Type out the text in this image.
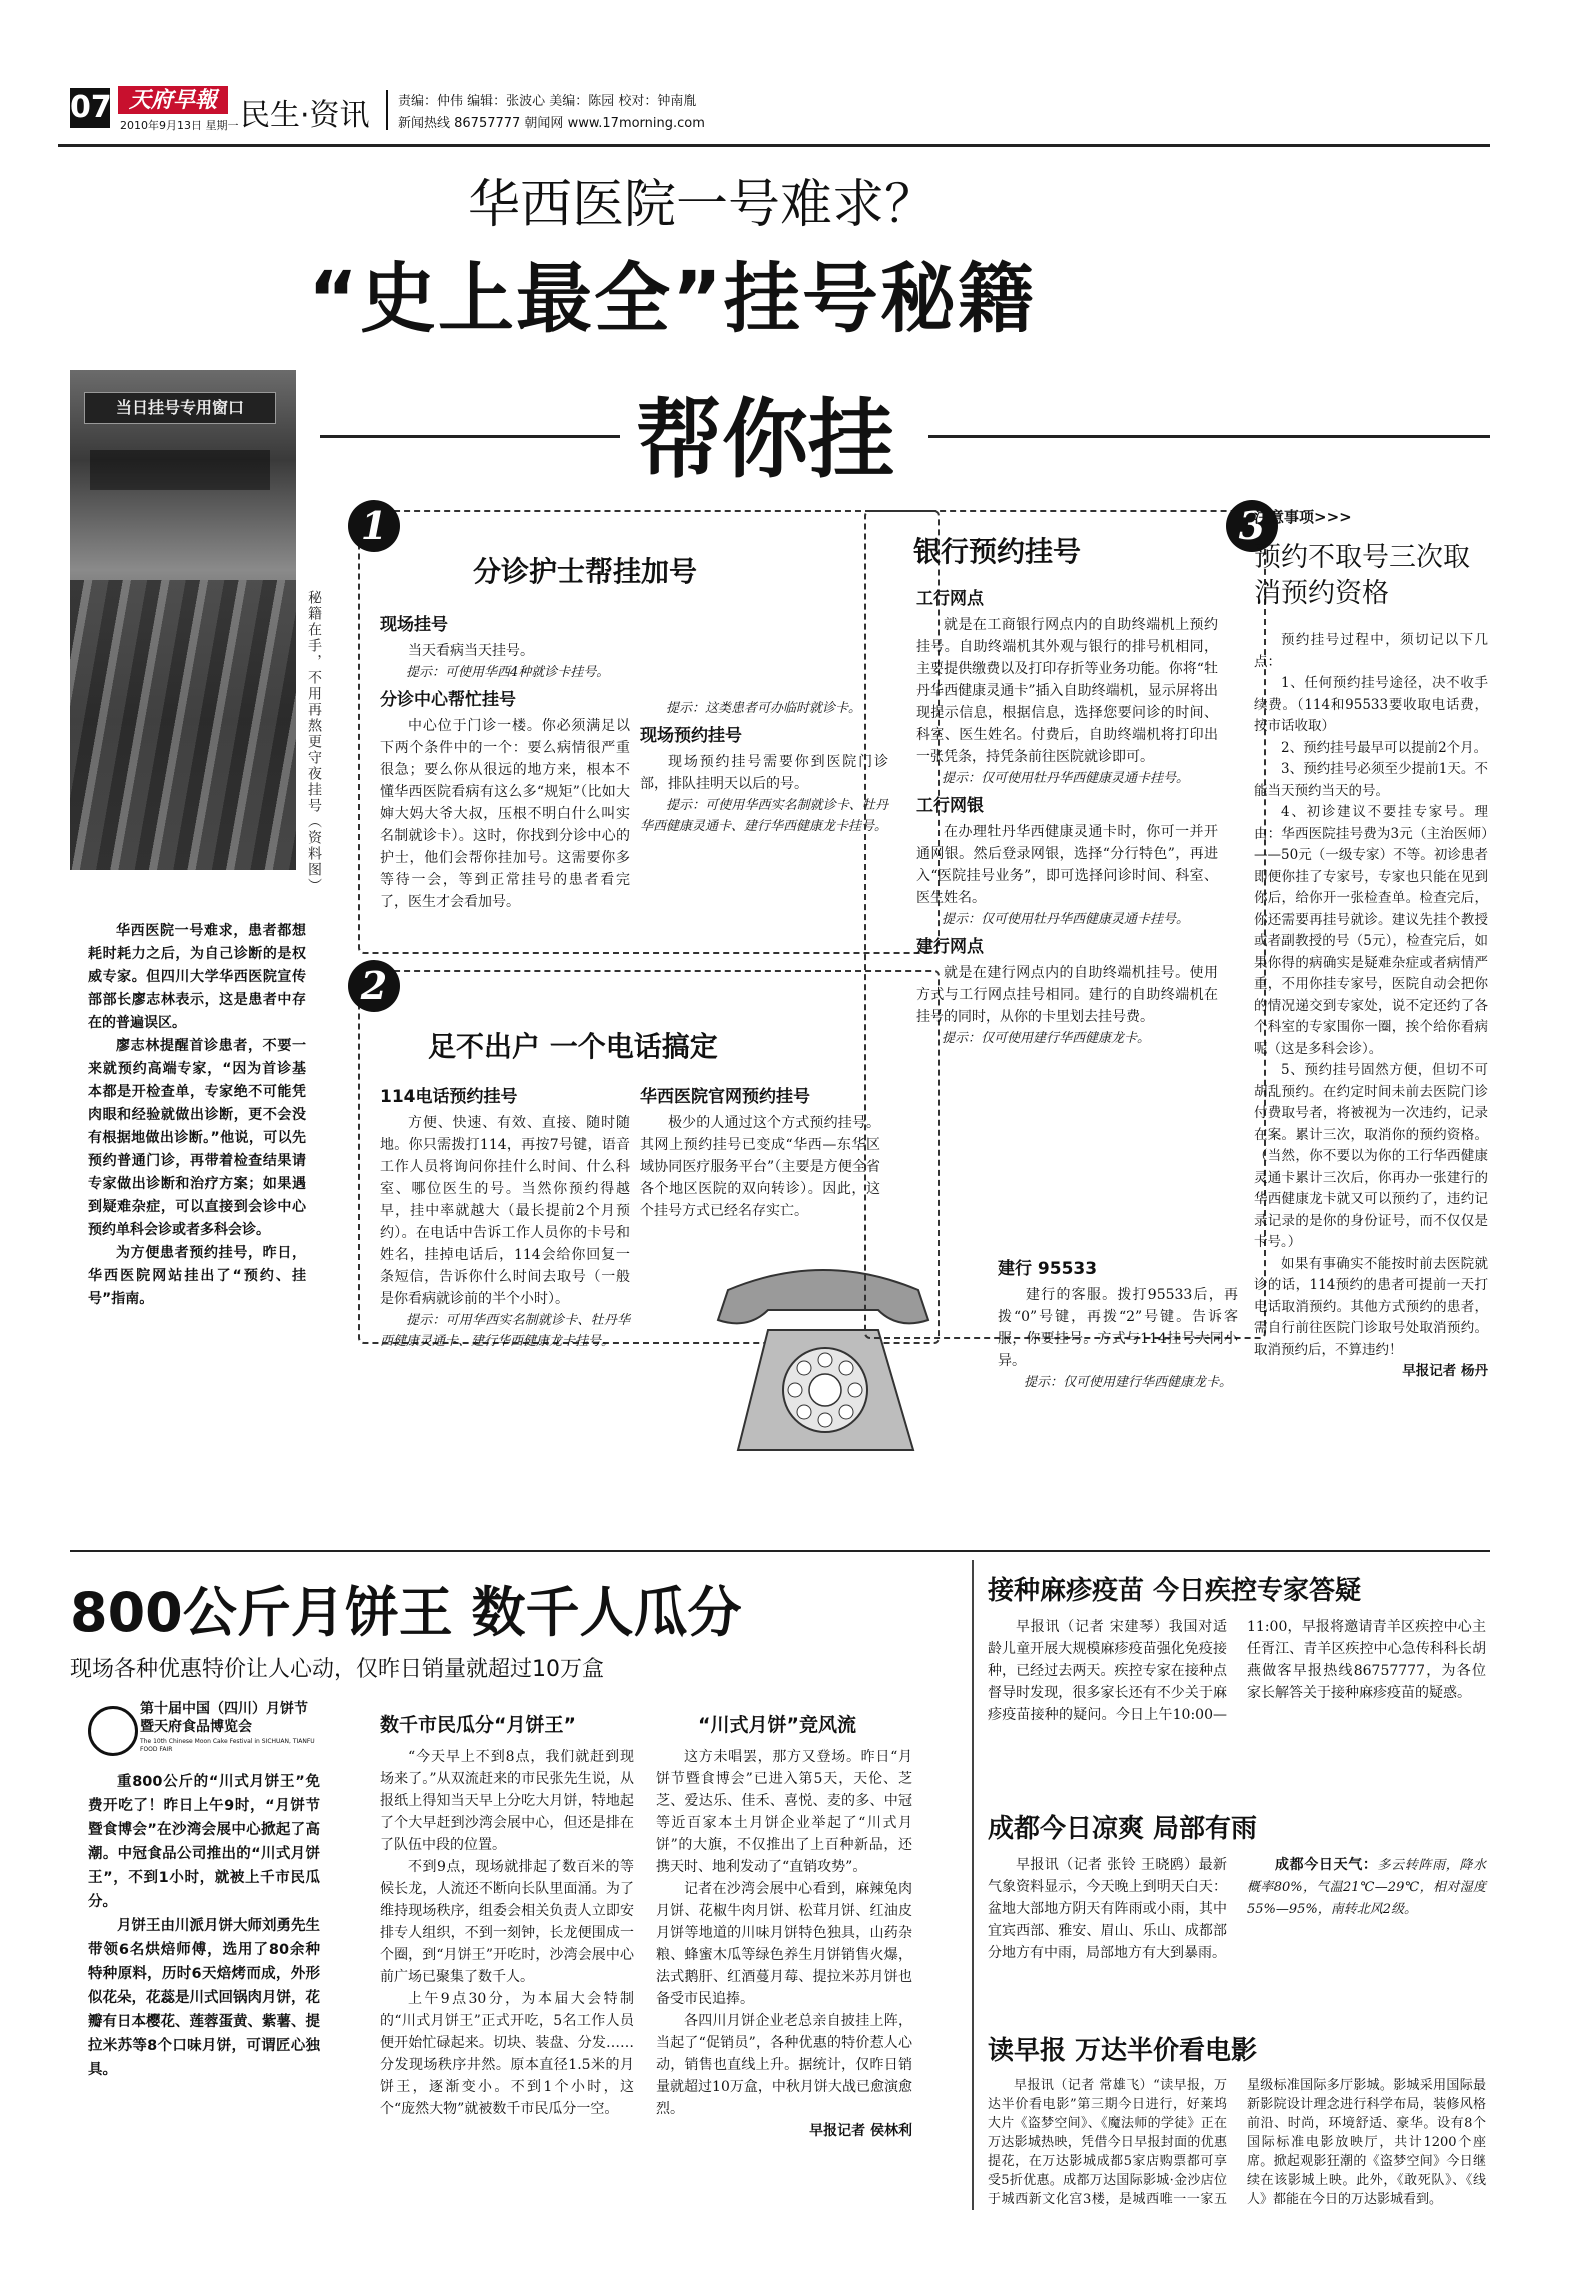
07 天府早報
2010年9月13日 星期一 民生·资讯 责编：仲伟 编辑：张波心 美编：陈园 校对：钟南胤
新闻热线 86757777 朝闻网 www.17morning.com
华西医院一号难求？
“史上最全”挂号秘籍
帮你挂
当日挂号专用窗口
秘籍在手，不用再熬更守夜挂号（资料图）

华西医院一号难求，患者都想耗时耗力之后，为自己诊断的是权威专家。但四川大学华西医院宣传部部长廖志林表示，这是患者中存在的普遍误区。

廖志林提醒首诊患者，不要一来就预约高端专家，“因为首诊基本都是开检查单，专家绝不可能凭肉眼和经验就做出诊断，更不会没有根据地做出诊断。”他说，可以先预约普通门诊，再带着检查结果请专家做出诊断和治疗方案；如果遇到疑难杂症，可以直接到会诊中心预约单科会诊或者多科会诊。

为方便患者预约挂号，昨日，华西医院网站挂出了“预约、挂号”指南。

1
分诊护士帮挂加号
现场挂号

当天看病当天挂号。

提示：可使用华西4种就诊卡挂号。

分诊中心帮忙挂号

中心位于门诊一楼。你必须满足以下两个条件中的一个：要么病情很严重很急；要么你从很远的地方来，根本不懂华西医院看病有这么多“规矩”（比如大婶大妈大爷大叔，压根不明白什么叫实名制就诊卡）。这时，你找到分诊中心的护士，他们会帮你挂加号。这需要你多等待一会，等到正常挂号的患者看完了，医生才会看加号。

提示：这类患者可办临时就诊卡。

现场预约挂号

现场预约挂号需要你到医院门诊部，排队挂明天以后的号。

提示：可使用华西实名制就诊卡、牡丹华西健康灵通卡、建行华西健康龙卡挂号。

2
足不出户 一个电话搞定
114电话预约挂号

方便、快速、有效、直接、随时随地。你只需拨打114，再按7号键，语音工作人员将询问你挂什么时间、什么科室、哪位医生的号。当然你预约得越早，挂中率就越大（最长提前2个月预约）。在电话中告诉工作人员你的卡号和姓名，挂掉电话后，114会给你回复一条短信，告诉你什么时间去取号（一般是你看病就诊前的半个小时）。

提示：可用华西实名制就诊卡、牡丹华西健康灵通卡、建行华西健康龙卡挂号。

华西医院官网预约挂号

极少的人通过这个方式预约挂号。其网上预约挂号已变成“华西—东华区域协同医疗服务平台”（主要是方便全省各个地区医院的双向转诊）。因此，这个挂号方式已经名存实亡。

3
银行预约挂号
工行网点

就是在工商银行网点内的自助终端机上预约挂号。自助终端机其外观与银行的排号机相同，主要提供缴费以及打印存折等业务功能。你将“牡丹华西健康灵通卡”插入自助终端机，显示屏将出现提示信息，根据信息，选择您要问诊的时间、科室、医生姓名。付费后，自助终端机将打印出一张凭条，持凭条前往医院就诊即可。

提示：仅可使用牡丹华西健康灵通卡挂号。

工行网银

在办理牡丹华西健康灵通卡时，你可一并开通网银。然后登录网银，选择“分行特色”，再进入“医院挂号业务”，即可选择问诊时间、科室、医生姓名。

提示：仅可使用牡丹华西健康灵通卡挂号。

建行网点

就是在建行网点内的自助终端机挂号。使用方式与工行网点挂号相同。建行的自助终端机在挂号的同时，从你的卡里划去挂号费。

提示：仅可使用建行华西健康龙卡。

建行 95533

建行的客服。拨打95533后，再拨“0”号键，再拨“2”号键。告诉客服，你要挂号。方式与114挂号大同小异。

提示：仅可使用建行华西健康龙卡。

注意事项>>>
预约不取号三次取消预约资格

预约挂号过程中，须切记以下几点：

1、任何预约挂号途径，决不收手续费。（114和95533要收取电话费，按市话收取）

2、预约挂号最早可以提前2个月。

3、预约挂号必须至少提前1天。不能当天预约当天的号。

4、初诊建议不要挂专家号。理由：华西医院挂号费为3元（主治医师）——50元（一级专家）不等。初诊患者即便你挂了专家号，专家也只能在见到你后，给你开一张检查单。检查完后，你还需要再挂号就诊。建议先挂个教授或者副教授的号（5元），检查完后，如果你得的病确实是疑难杂症或者病情严重，不用你挂专家号，医院自动会把你的情况递交到专家处，说不定还约了各个科室的专家围你一圈，挨个给你看病呢（这是多科会诊）。

5、预约挂号固然方便，但切不可胡乱预约。在约定时间未前去医院门诊付费取号者，将被视为一次违约，记录在案。累计三次，取消你的预约资格。（当然，你不要以为你的工行华西健康灵通卡累计三次后，你再办一张建行的华西健康龙卡就又可以预约了，违约记录记录的是你的身份证号，而不仅仅是卡号。）

如果有事确实不能按时前去医院就诊的话，114预约的患者可提前一天打电话取消预约。其他方式预约的患者，需自行前往医院门诊取号处取消预约。取消预约后，不算违约！

早报记者 杨丹
800公斤月饼王 数千人瓜分
现场各种优惠特价让人心动，仅昨日销量就超过10万盒
第十届中国（四川）月饼节暨天府食品博览会
The 10th Chinese Moon Cake Festival in SICHUAN, TIANFU FOOD FAIR

重800公斤的“川式月饼王”免费开吃了！昨日上午9时，“月饼节暨食博会”在沙湾会展中心掀起了高潮。中冠食品公司推出的“川式月饼王”，不到1小时，就被上千市民瓜分。

月饼王由川派月饼大师刘勇先生带领6名烘焙师傅，选用了80余种特种原料，历时6天焙烤而成，外形似花朵，花蕊是川式回锅肉月饼，花瓣有日本樱花、莲蓉蛋黄、紫薯、提拉米苏等8个口味月饼，可谓匠心独具。

数千市民瓜分“月饼王”

“今天早上不到8点，我们就赶到现场来了。”从双流赶来的市民张先生说，从报纸上得知当天早上分吃大月饼，特地起了个大早赶到沙湾会展中心，但还是排在了队伍中段的位置。

不到9点，现场就排起了数百米的等候长龙，人流还不断向长队里面涌。为了维持现场秩序，组委会相关负责人立即安排专人组织，不到一刻钟，长龙便围成一个圈，到“月饼王”开吃时，沙湾会展中心前广场已聚集了数千人。

上午9点30分，为本届大会特制的“川式月饼王”正式开吃，5名工作人员便开始忙碌起来。切块、装盘、分发……分发现场秩序井然。原本直径1.5米的月饼王，逐渐变小。不到1个小时，这个“庞然大物”就被数千市民瓜分一空。

“川式月饼”竞风流

这方未唱罢，那方又登场。昨日“月饼节暨食博会”已进入第5天，天伦、芝芝、爱达乐、佳禾、喜悦、麦的多、中冠等近百家本土月饼企业举起了“川式月饼”的大旗，不仅推出了上百种新品，还携天时、地利发动了“直销攻势”。

记者在沙湾会展中心看到，麻辣兔肉月饼、花椒牛肉月饼、松茸月饼、红油皮月饼等地道的川味月饼特色独具，山药杂粮、蜂蜜木瓜等绿色养生月饼销售火爆，法式鹅肝、红酒蔓月莓、提拉米苏月饼也备受市民追捧。

各四川月饼企业老总亲自披挂上阵，当起了“促销员”，各种优惠的特价惹人心动，销售也直线上升。据统计，仅昨日销量就超过10万盒，中秋月饼大战已愈演愈烈。

早报记者 侯林利
接种麻疹疫苗 今日疾控专家答疑

早报讯（记者 宋建琴）我国对适龄儿童开展大规模麻疹疫苗强化免疫接种，已经过去两天。疾控专家在接种点督导时发现，很多家长还有不少关于麻疹疫苗接种的疑问。今日上午10:00—11:00，早报将邀请青羊区疾控中心主任胥江、青羊区疾控中心急传科科长胡燕做客早报热线86757777，为各位家长解答关于接种麻疹疫苗的疑惑。

成都今日凉爽 局部有雨

早报讯（记者 张铃 王晓鸥）最新气象资料显示，今天晚上到明天白天：盆地大部地方阴天有阵雨或小雨，其中宜宾西部、雅安、眉山、乐山、成都部分地方有中雨，局部地方有大到暴雨。

成都今日天气：多云转阵雨，降水概率80%，气温21℃—29℃，相对湿度55%—95%，南转北风2级。

读早报 万达半价看电影

早报讯（记者 常雄飞）“读早报，万达半价看电影”第三期今日进行，好莱坞大片《盗梦空间》、《魔法师的学徒》正在万达影城热映，凭借今日早报封面的优惠提花，在万达影城成都5家店购票都可享受5折优惠。成都万达国际影城·金沙店位于城西新文化宫3楼，是城西唯一一家五星级标准国际多厅影城。影城采用国际最新影院设计理念进行科学布局，装修风格前沿、时尚，环境舒适、豪华。设有8个国际标准电影放映厅，共计1200个座席。掀起观影狂潮的《盗梦空间》今日继续在该影城上映。此外，《敢死队》、《线人》都能在今日的万达影城看到。
